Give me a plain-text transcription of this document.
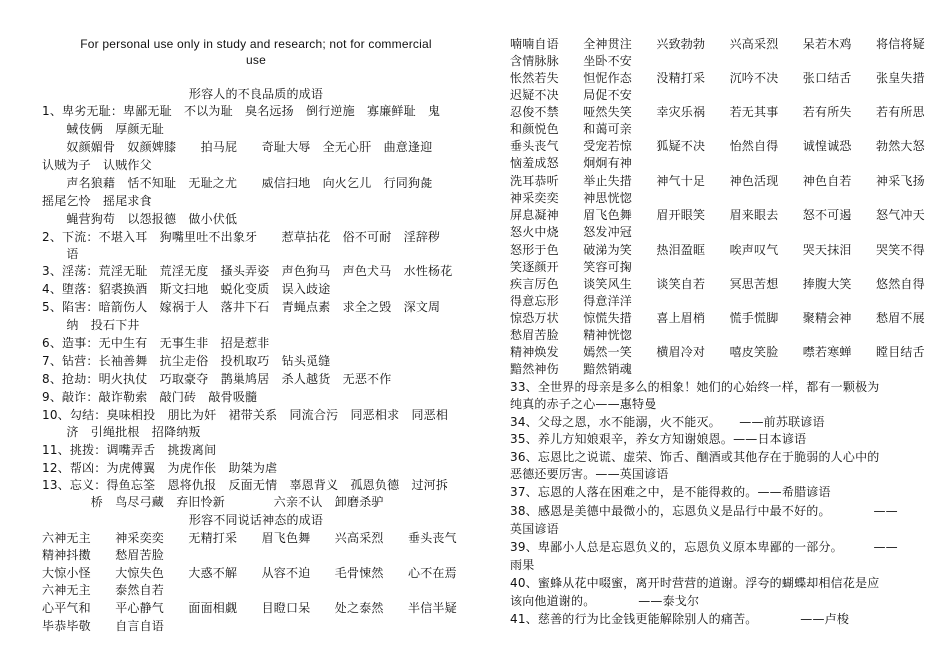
For personal use only in study and research; not for commercial
use
形容人的不良品质的成语
1、卑劣无耻：卑鄙无耻　不以为耻　臭名远扬　倒行逆施　寡廉鲜耻　鬼
　　蜮伎俩　厚颜无耻
　　奴颜媚骨　奴颜婢膝　　拍马屁　　奇耻大辱　全无心肝　曲意逢迎
认贼为子　认贼作父
　　声名狼藉　恬不知耻　无耻之尤　　威信扫地　向火乞儿　行同狗彘
摇尾乞怜　摇尾求食
　　蝇营狗苟　以怨报德　做小伏低
2、下流：不堪入耳　狗嘴里吐不出象牙　　惹草拈花　俗不可耐　淫辞秽
　　语
3、淫荡：荒淫无耻　荒淫无度　搔头弄姿　声色狗马　声色犬马　水性杨花
4、堕落：貂裘换酒　斯文扫地　蜕化变质　误入歧途
5、陷害：暗箭伤人　嫁祸于人　落井下石　青蝇点素　求全之毁　深文周
　　纳　投石下井
6、造事：无中生有　无事生非　招是惹非
7、钻营：长袖善舞　抗尘走俗　投机取巧　钻头觅缝
8、抢劫：明火执仗　巧取豪夺　鹊巢鸠居　杀人越货　无恶不作
9、敲诈：敲诈勒索　敲门砖　敲骨吸髓
10、勾结：臭味相投　朋比为奸　裙带关系　同流合污　同恶相求　同恶相
　　济　引绳批根　招降纳叛
11、挑拨：调嘴弄舌　挑拨离间
12、帮凶：为虎傅翼　为虎作伥　助桀为虐
13、忘义：得鱼忘筌　恩将仇报　反面无情　辜恩背义　孤恩负德　过河拆
　　　　桥　鸟尽弓藏　弃旧怜新　　　　六亲不认　卸磨杀驴
形容不同说话神态的成语
六神无主　　神采奕奕　　无精打采　　眉飞色舞　　兴高采烈　　垂头丧气
精神抖擞　　愁眉苦脸
大惊小怪　　大惊失色　　大惑不解　　从容不迫　　毛骨悚然　　心不在焉
六神无主　　泰然自若
心平气和　　平心静气　　面面相觑　　目瞪口呆　　处之泰然　　半信半疑
毕恭毕敬　　自言自语
喃喃自语　　全神贯注　　兴致勃勃　　兴高采烈　　呆若木鸡　　将信将疑
含情脉脉　　坐卧不安
怅然若失　　怛怩作态　　没精打采　　沉吟不决　　张口结舌　　张皇失措
迟疑不决　　局促不安
忍俊不禁　　哑然失笑　　幸灾乐祸　　若无其事　　若有所失　　若有所思
和颜悦色　　和蔼可亲
垂头丧气　　受宠若惊　　狐疑不决　　怡然自得　　诚惶诚恐　　勃然大怒
恼羞成怒　　炯炯有神
洗耳恭听　　举止失措　　神气十足　　神色活现　　神色自若　　神采飞扬
神采奕奕　　神思恍惚
屏息凝神　　眉飞色舞　　眉开眼笑　　眉来眼去　　怒不可遏　　怒气冲天
怒火中烧　　怒发冲冠
怒形于色　　破涕为笑　　热泪盈眶　　唉声叹气　　哭天抹泪　　哭笑不得
笑逐颜开　　笑容可掬
疾言厉色　　谈笑风生　　谈笑自若　　冥思苦想　　捧腹大笑　　悠然自得
得意忘形　　得意洋洋
惊恐万状　　惊慌失措　　喜上眉梢　　慌手慌脚　　聚精会神　　愁眉不展
愁眉苦脸　　精神恍惚
精神焕发　　嫣然一笑　　横眉冷对　　嘻皮笑脸　　噤若寒蝉　　瞠目结舌
黯然神伤　　黯然销魂
33、全世界的母亲是多么的相象！她们的心始终一样，都有一颗极为
纯真的赤子之心——惠特曼
34、父母之恩，水不能溺，火不能灭。　　——前苏联谚语
35、养儿方知娘艰辛，养女方知谢娘恩。——日本谚语
36、忘恩比之说谎、虚荣、饰舌、酗酒或其他存在于脆弱的人心中的
恶德还要厉害。——英国谚语
37、忘恩的人落在困难之中，是不能得救的。——希腊谚语
38、感恩是美德中最微小的，忘恩负义是品行中最不好的。　　　　——
英国谚语
39、卑鄙小人总是忘恩负义的，忘恩负义原本卑鄙的一部分。　　　——
雨果
40、蜜蜂从花中啜蜜，离开时营营的道谢。浮夸的蝴蝶却相信花是应
该向他道谢的。　　　　——泰戈尔
41、慈善的行为比金钱更能解除别人的痛苦。　　　　——卢梭
